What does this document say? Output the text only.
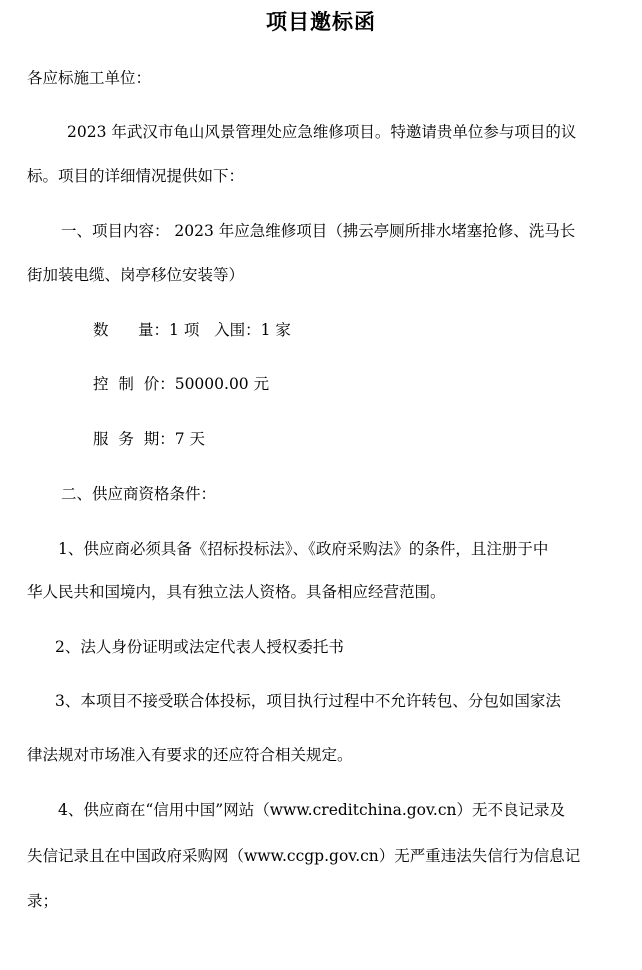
项目邀标函
各应标施工单位：
2023 年武汉市龟山风景管理处应急维修项目。特邀请贵单位参与项目的议
标。项目的详细情况提供如下：
一、项目内容： 2023 年应急维修项目（拂云亭厕所排水堵塞抢修、洗马长
街加装电缆、岗亭移位安装等）
数      量：1 项   入围：1 家
控  制  价：50000.00 元
服  务  期：7 天
二、供应商资格条件：
1、供应商必须具备《招标投标法》、《政府采购法》的条件，且注册于中
华人民共和国境内，具有独立法人资格。具备相应经营范围。
2、法人身份证明或法定代表人授权委托书
3、本项目不接受联合体投标，项目执行过程中不允许转包、分包如国家法
律法规对市场准入有要求的还应符合相关规定。
4、供应商在“信用中国”网站（www.creditchina.gov.cn）无不良记录及
失信记录且在中国政府采购网（www.ccgp.gov.cn）无严重违法失信行为信息记
录；
